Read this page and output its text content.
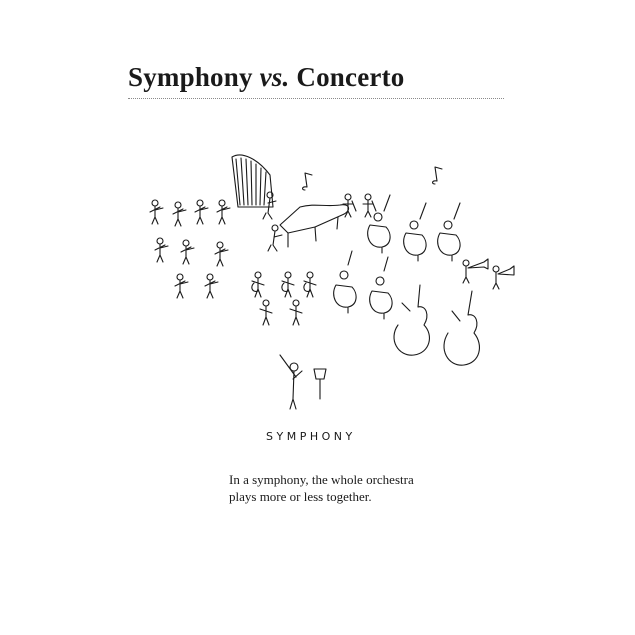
Symphony vs. Concerto
SYMPHONY
In a symphony, the whole orchestra
plays more or less together.
